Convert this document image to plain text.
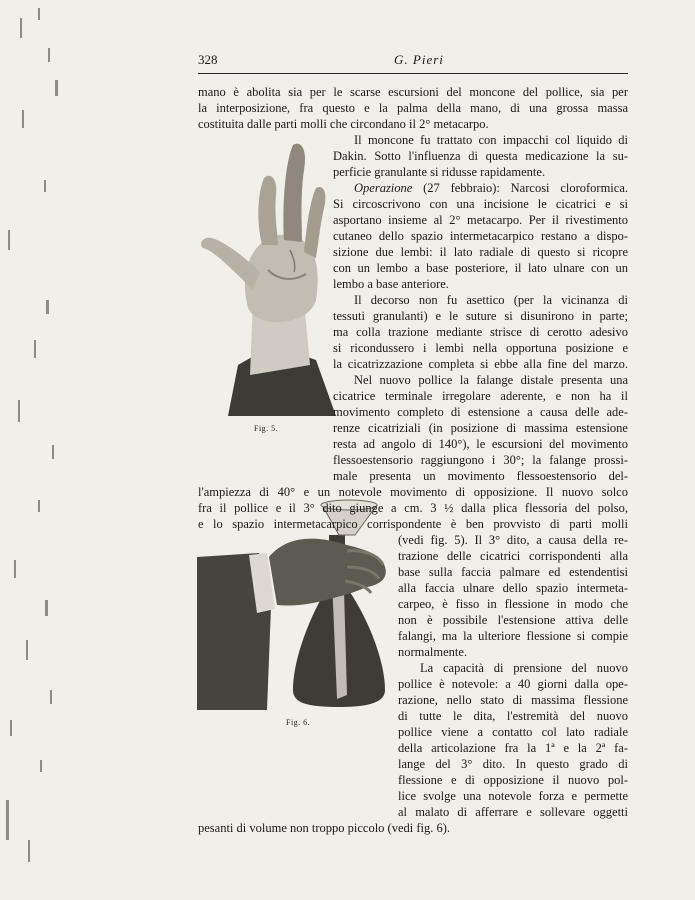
328	G. Pieri
Fig. 5.
Fig. 6.
mano è abolita sia per le scarse escursioni del moncone del pollice, sia per
la interposizione, fra questo e la palma della mano, di una grossa massa
costituita dalle parti molli che circondano il 2° metacarpo.
Il moncone fu trattato con impacchi col liquido di
Dakin. Sotto l'influenza di questa medicazione la su-
perficie granulante si ridusse rapidamente.
Operazione (27 febbraio): Narcosi cloroformica.
Si circoscrivono con una incisione le cicatrici e si
asportano insieme al 2° metacarpo. Per il rivestimento
cutaneo dello spazio intermetacarpico restano a dispo-
sizione due lembi: il lato radiale di questo si ricopre
con un lembo a base posteriore, il lato ulnare con un
lembo a base anteriore.
Il decorso non fu asettico (per la vicinanza di
tessuti granulanti) e le suture si disunirono in parte;
ma colla trazione mediante strisce di cerotto adesivo
si ricondussero i lembi nella opportuna posizione e
la cicatrizzazione completa si ebbe alla fine del marzo.
Nel nuovo pollice la falange distale presenta una
cicatrice terminale irregolare aderente, e non ha il
movimento completo di estensione a causa delle ade-
renze cicatriziali (in posizione di massima estensione
resta ad angolo di 140°), le escursioni del movimento
flessoestensorio raggiungono i 30°; la falange prossi-
male presenta un movimento flessoestensorio del-
l'ampiezza di 40° e un notevole movimento di opposizione. Il nuovo solco
fra il pollice e il 3° dito giunge a cm. 3 ½ dalla plica flessoria del polso,
e lo spazio intermetacarpico corrispondente è ben provvisto di parti molli
(vedi fig. 5). Il 3° dito, a causa della re-
trazione delle cicatrici corrispondenti alla
base sulla faccia palmare ed estendentisi
alla faccia ulnare dello spazio intermeta-
carpeo, è fisso in flessione in modo che
non è possibile l'estensione attiva delle
falangi, ma la ulteriore flessione si compie
normalmente.
La capacità di prensione del nuovo
pollice è notevole: a 40 giorni dalla ope-
razione, nello stato di massima flessione
di tutte le dita, l'estremità del nuovo
pollice viene a contatto col lato radiale
della articolazione fra la 1ª e la 2ª fa-
lange del 3° dito. In questo grado di
flessione e di opposizione il nuovo pol-
lice svolge una notevole forza e permette
al malato di afferrare e sollevare oggetti
pesanti di volume non troppo piccolo (vedi fig. 6).
